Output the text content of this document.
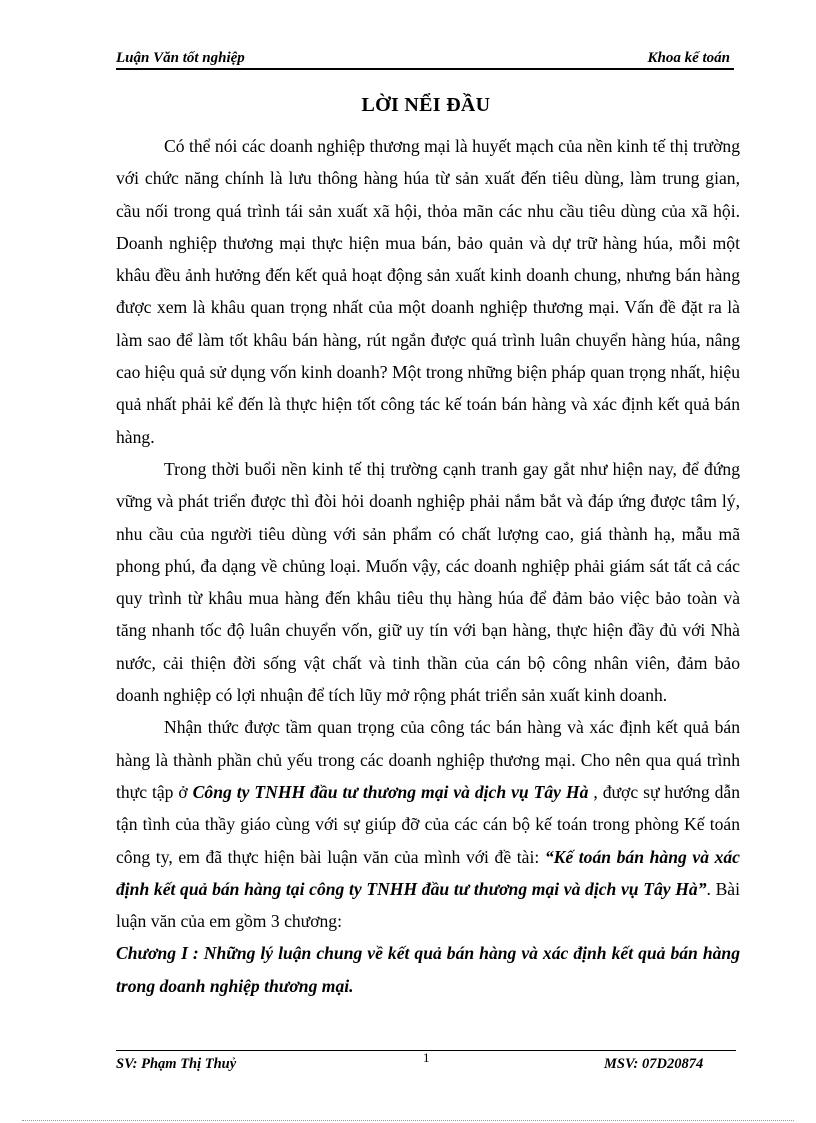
Luận Văn tốt nghiệp	Khoa kế toán
LỜI NỂI ĐẦU

Có thể nói các doanh nghiệp thương mại là huyết mạch của nền kinh tế thị trường với chức năng chính là lưu thông hàng húa từ sản xuất đến tiêu dùng, làm trung gian, cầu nối trong quá trình tái sản xuất xã hội, thỏa mãn các nhu cầu tiêu dùng của xã hội. Doanh nghiệp thương mại thực hiện mua bán, bảo quản và dự trữ hàng húa, mỗi một khâu đều ảnh hưởng đến kết quả hoạt động sản xuất kinh doanh chung, nhưng bán hàng được xem là khâu quan trọng nhất của một doanh nghiệp thương mại. Vấn đề đặt ra là làm sao để làm tốt khâu bán hàng, rút ngắn được quá trình luân chuyển hàng húa, nâng cao hiệu quả sử dụng vốn kinh doanh? Một trong những biện pháp quan trọng nhất, hiệu quả nhất phải kể đến là thực hiện tốt công tác kế toán bán hàng và xác định kết quả bán hàng.

Trong thời buổi nền kinh tế thị trường cạnh tranh gay gắt như hiện nay, để đứng vững và phát triển được thì đòi hỏi doanh nghiệp phải nắm bắt và đáp ứng được tâm lý, nhu cầu của người tiêu dùng với sản phẩm có chất lượng cao, giá thành hạ, mẫu mã phong phú, đa dạng về chủng loại. Muốn vậy, các doanh nghiệp phải giám sát tất cả các quy trình từ khâu mua hàng đến khâu tiêu thụ hàng húa để đảm bảo việc bảo toàn và tăng nhanh tốc độ luân chuyển vốn, giữ uy tín với bạn hàng, thực hiện đầy đủ với Nhà nước, cải thiện đời sống vật chất và tinh thần của cán bộ công nhân viên, đảm bảo doanh nghiệp có lợi nhuận để tích lũy mở rộng phát triển sản xuất kinh doanh.

Nhận thức được tầm quan trọng của công tác bán hàng và xác định kết quả bán hàng là thành phần chủ yếu trong các doanh nghiệp thương mại. Cho nên qua quá trình thực tập ở Công ty TNHH đầu tư thương mại và dịch vụ Tây Hà , được sự hướng dẫn tận tình của thầy giáo cùng với sự giúp đỡ của các cán bộ kế toán trong phòng Kế toán công ty, em đã thực hiện bài luận văn của mình với đề tài: “Kế toán bán hàng và xác định kết quả bán hàng tại công ty TNHH đầu tư thương mại và dịch vụ Tây Hà”. Bài luận văn của em gồm 3 chương:

Chương I : Những lý luận chung về kết quả bán hàng và xác định kết quả bán hàng trong doanh nghiệp thương mại.

SV: Phạm Thị Thuỷ	1	MSV: 07D20874
